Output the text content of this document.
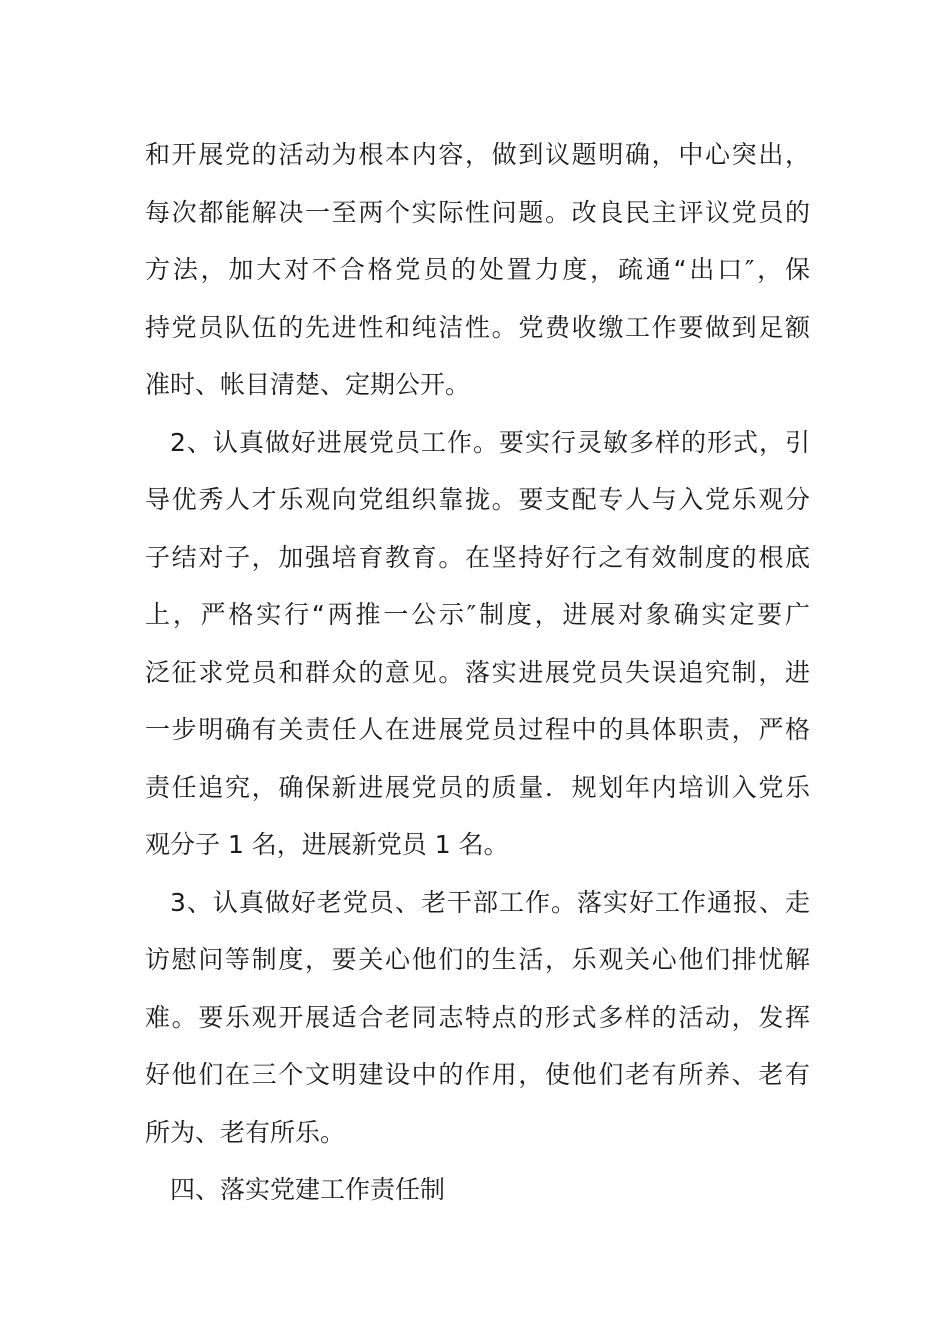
和开展党的活动为根本内容，做到议题明确，中心突出，
每次都能解决一至两个实际性问题。改良民主评议党员的
方法，加大对不合格党员的处置力度，疏通“出口″，保
持党员队伍的先进性和纯洁性。党费收缴工作要做到足额
准时、帐目清楚、定期公开。
2、认真做好进展党员工作。要实行灵敏多样的形式，引
导优秀人才乐观向党组织靠拢。要支配专人与入党乐观分
子结对子，加强培育教育。在坚持好行之有效制度的根底
上，严格实行“两推一公示″制度，进展对象确实定要广
泛征求党员和群众的意见。落实进展党员失误追究制，进
一步明确有关责任人在进展党员过程中的具体职责，严格
责任追究，确保新进展党员的质量．规划年内培训入党乐
观分子 1 名，进展新党员 1 名。
3、认真做好老党员、老干部工作。落实好工作通报、走
访慰问等制度，要关心他们的生活，乐观关心他们排忧解
难。要乐观开展适合老同志特点的形式多样的活动，发挥
好他们在三个文明建设中的作用，使他们老有所养、老有
所为、老有所乐。
四、落实党建工作责任制
